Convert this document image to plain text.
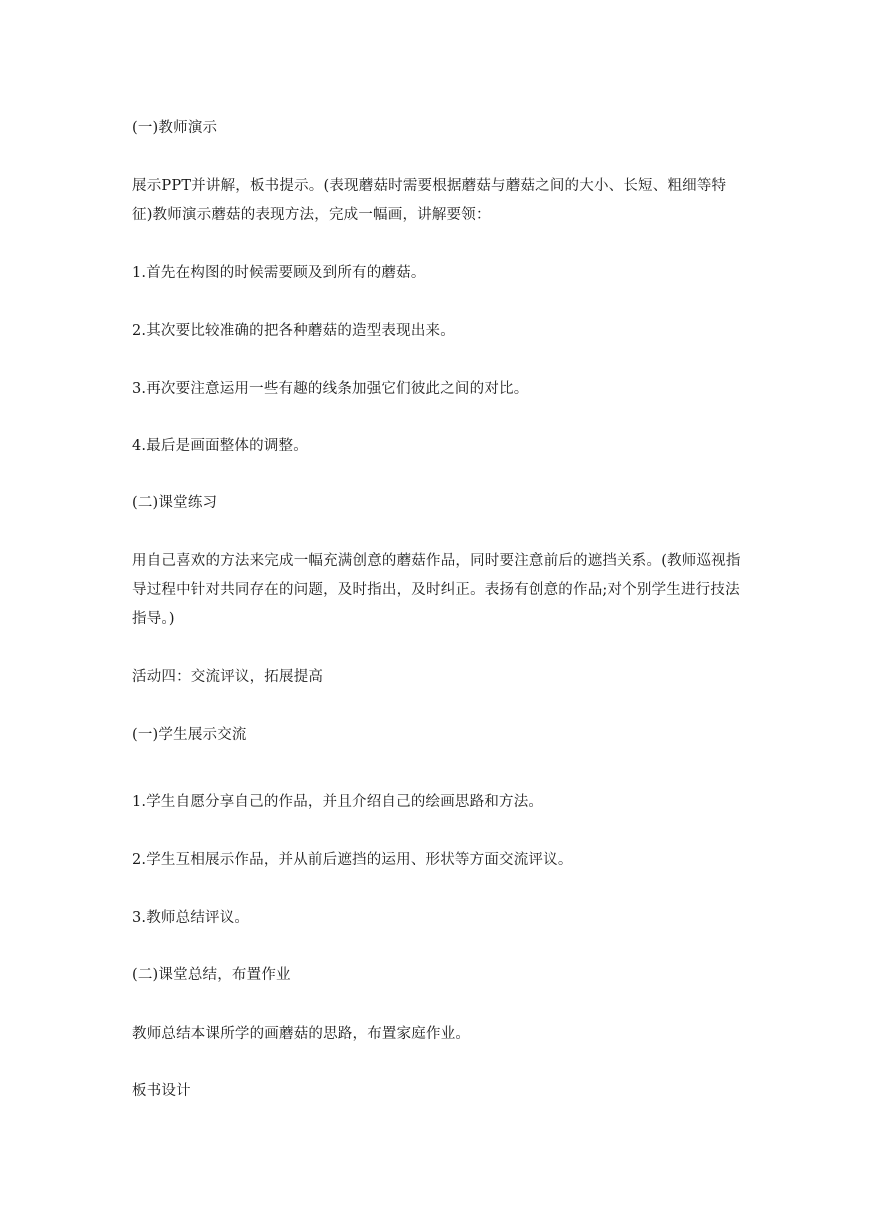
(一)教师演示

展示PPT并讲解，板书提示。(表现蘑菇时需要根据蘑菇与蘑菇之间的大小、长短、粗细等特征)教师演示蘑菇的表现方法，完成一幅画，讲解要领：

1.首先在构图的时候需要顾及到所有的蘑菇。

2.其次要比较准确的把各种蘑菇的造型表现出来。

3.再次要注意运用一些有趣的线条加强它们彼此之间的对比。

4.最后是画面整体的调整。

(二)课堂练习

用自己喜欢的方法来完成一幅充满创意的蘑菇作品，同时要注意前后的遮挡关系。(教师巡视指导过程中针对共同存在的问题，及时指出，及时纠正。表扬有创意的作品;对个别学生进行技法指导。)

活动四：交流评议，拓展提高

(一)学生展示交流

1.学生自愿分享自己的作品，并且介绍自己的绘画思路和方法。

2.学生互相展示作品，并从前后遮挡的运用、形状等方面交流评议。

3.教师总结评议。

(二)课堂总结，布置作业

教师总结本课所学的画蘑菇的思路，布置家庭作业。

板书设计
